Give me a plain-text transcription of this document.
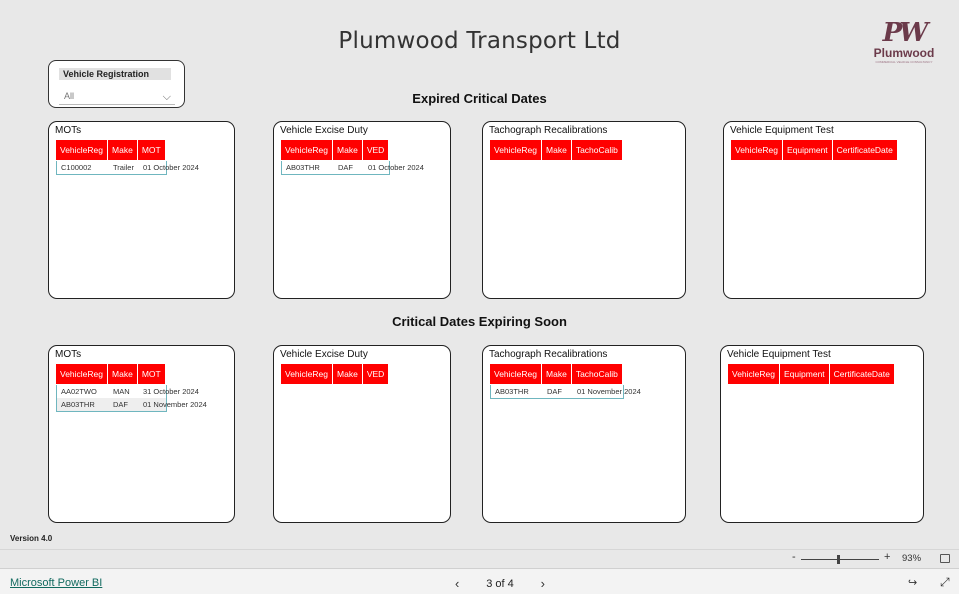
Plumwood Transport Ltd	PW
Plumwood
COMMERCIAL VEHICLE CONSULTANCY
Vehicle Registration
All	⌵	Expired Critical Dates
Critical Dates Expiring Soon
MOTs
VehicleReg	Make	MOT
C100002	Trailer	01 October 2024
Vehicle Excise Duty
VehicleReg	Make	VED
AB03THR	DAF	01 October 2024
Tachograph Recalibrations
VehicleReg	Make	TachoCalib
Vehicle Equipment Test
VehicleReg	Equipment	CertificateDate
MOTs
VehicleReg	Make	MOT
AA02TWO	MAN	31 October 2024
AB03THR	DAF	01 November 2024
Vehicle Excise Duty
VehicleReg	Make	VED
Tachograph Recalibrations
VehicleReg	Make	TachoCalib
AB03THR	DAF	01 November 2024
Vehicle Equipment Test
VehicleReg	Equipment	CertificateDate
Version 4.0
-	+ 93%
Microsoft Power BI	‹ 3 of 4 ›	↪ ⤢
